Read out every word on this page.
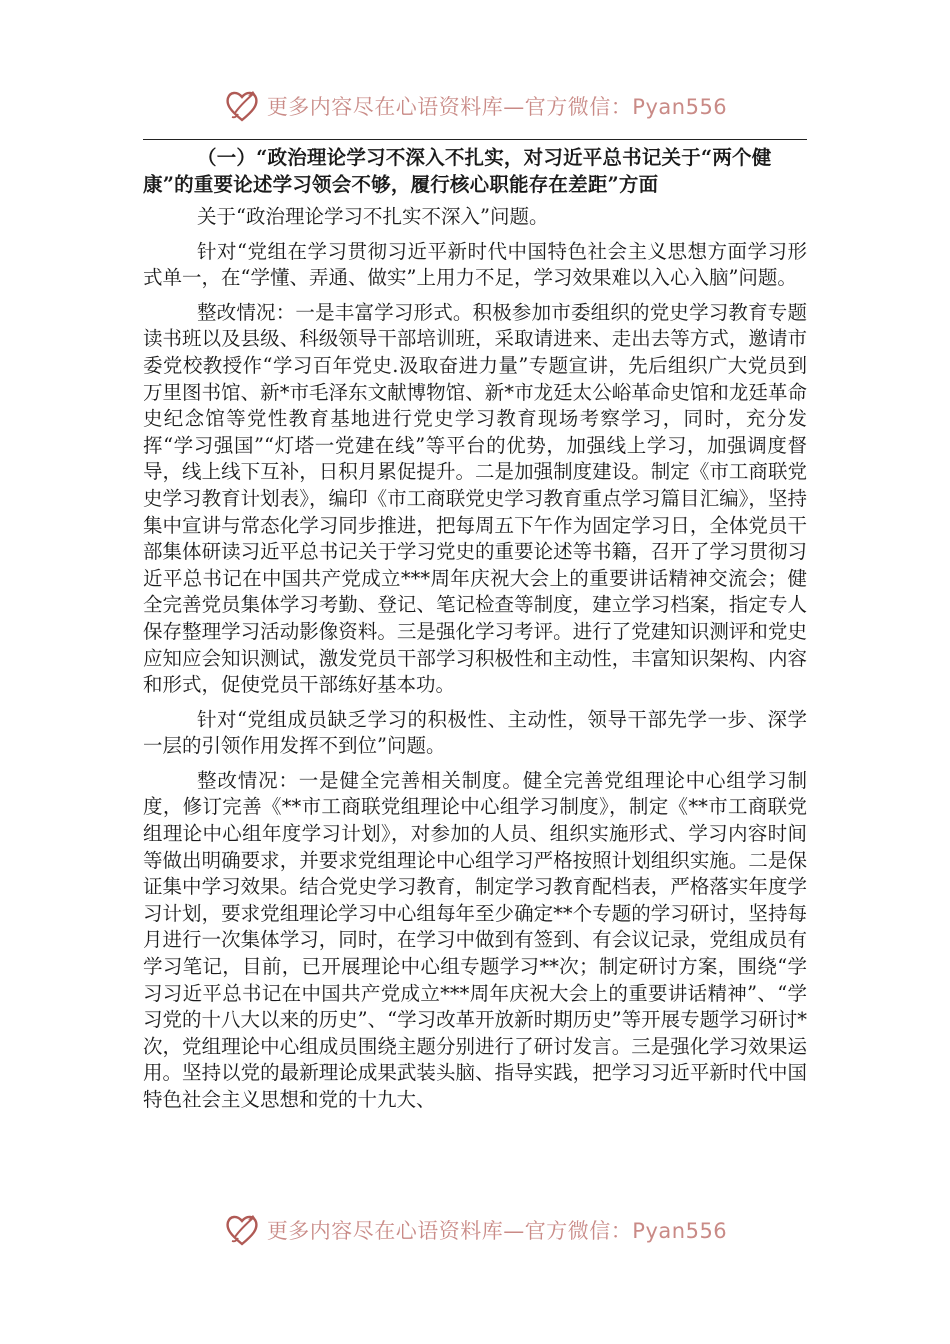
更多内容尽在心语资料库—官方微信：Pyan556

（一）“政治理论学习不深入不扎实，对习近平总书记关于“两个健康”的重要论述学习领会不够，履行核心职能存在差距”方面

关于“政治理论学习不扎实不深入”问题。

针对“党组在学习贯彻习近平新时代中国特色社会主义思想方面学习形式单一，在“学懂、弄通、做实”上用力不足，学习效果难以入心入脑”问题。

整改情况：一是丰富学习形式。积极参加市委组织的党史学习教育专题读书班以及县级、科级领导干部培训班，采取请进来、走出去等方式，邀请市委党校教授作“学习百年党史.汲取奋进力量”专题宣讲，先后组织广大党员到万里图书馆、新*市毛泽东文献博物馆、新*市龙廷太公峪革命史馆和龙廷革命史纪念馆等党性教育基地进行党史学习教育现场考察学习，同时，充分发挥“学习强国”“灯塔一党建在线”等平台的优势，加强线上学习，加强调度督导，线上线下互补，日积月累促提升。二是加强制度建设。制定《市工商联党史学习教育计划表》，编印《市工商联党史学习教育重点学习篇目汇编》，坚持集中宣讲与常态化学习同步推进，把每周五下午作为固定学习日，全体党员干部集体研读习近平总书记关于学习党史的重要论述等书籍，召开了学习贯彻习近平总书记在中国共产党成立***周年庆祝大会上的重要讲话精神交流会；健全完善党员集体学习考勤、登记、笔记检查等制度，建立学习档案，指定专人保存整理学习活动影像资料。三是强化学习考评。进行了党建知识测评和党史应知应会知识测试，激发党员干部学习积极性和主动性，丰富知识架构、内容和形式，促使党员干部练好基本功。

针对“党组成员缺乏学习的积极性、主动性，领导干部先学一步、深学一层的引领作用发挥不到位”问题。

整改情况：一是健全完善相关制度。健全完善党组理论中心组学习制度，修订完善《**市工商联党组理论中心组学习制度》，制定《**市工商联党组理论中心组年度学习计划》，对参加的人员、组织实施形式、学习内容时间等做出明确要求，并要求党组理论中心组学习严格按照计划组织实施。二是保证集中学习效果。结合党史学习教育，制定学习教育配档表，严格落实年度学习计划，要求党组理论学习中心组每年至少确定**个专题的学习研讨，坚持每月进行一次集体学习，同时，在学习中做到有签到、有会议记录，党组成员有学习笔记，目前，已开展理论中心组专题学习**次；制定研讨方案，围绕“学习习近平总书记在中国共产党成立***周年庆祝大会上的重要讲话精神”、“学习党的十八大以来的历史”、“学习改革开放新时期历史”等开展专题学习研讨*次，党组理论中心组成员围绕主题分别进行了研讨发言。三是强化学习效果运用。坚持以党的最新理论成果武装头脑、指导实践，把学习习近平新时代中国特色社会主义思想和党的十九大、

更多内容尽在心语资料库—官方微信：Pyan556
